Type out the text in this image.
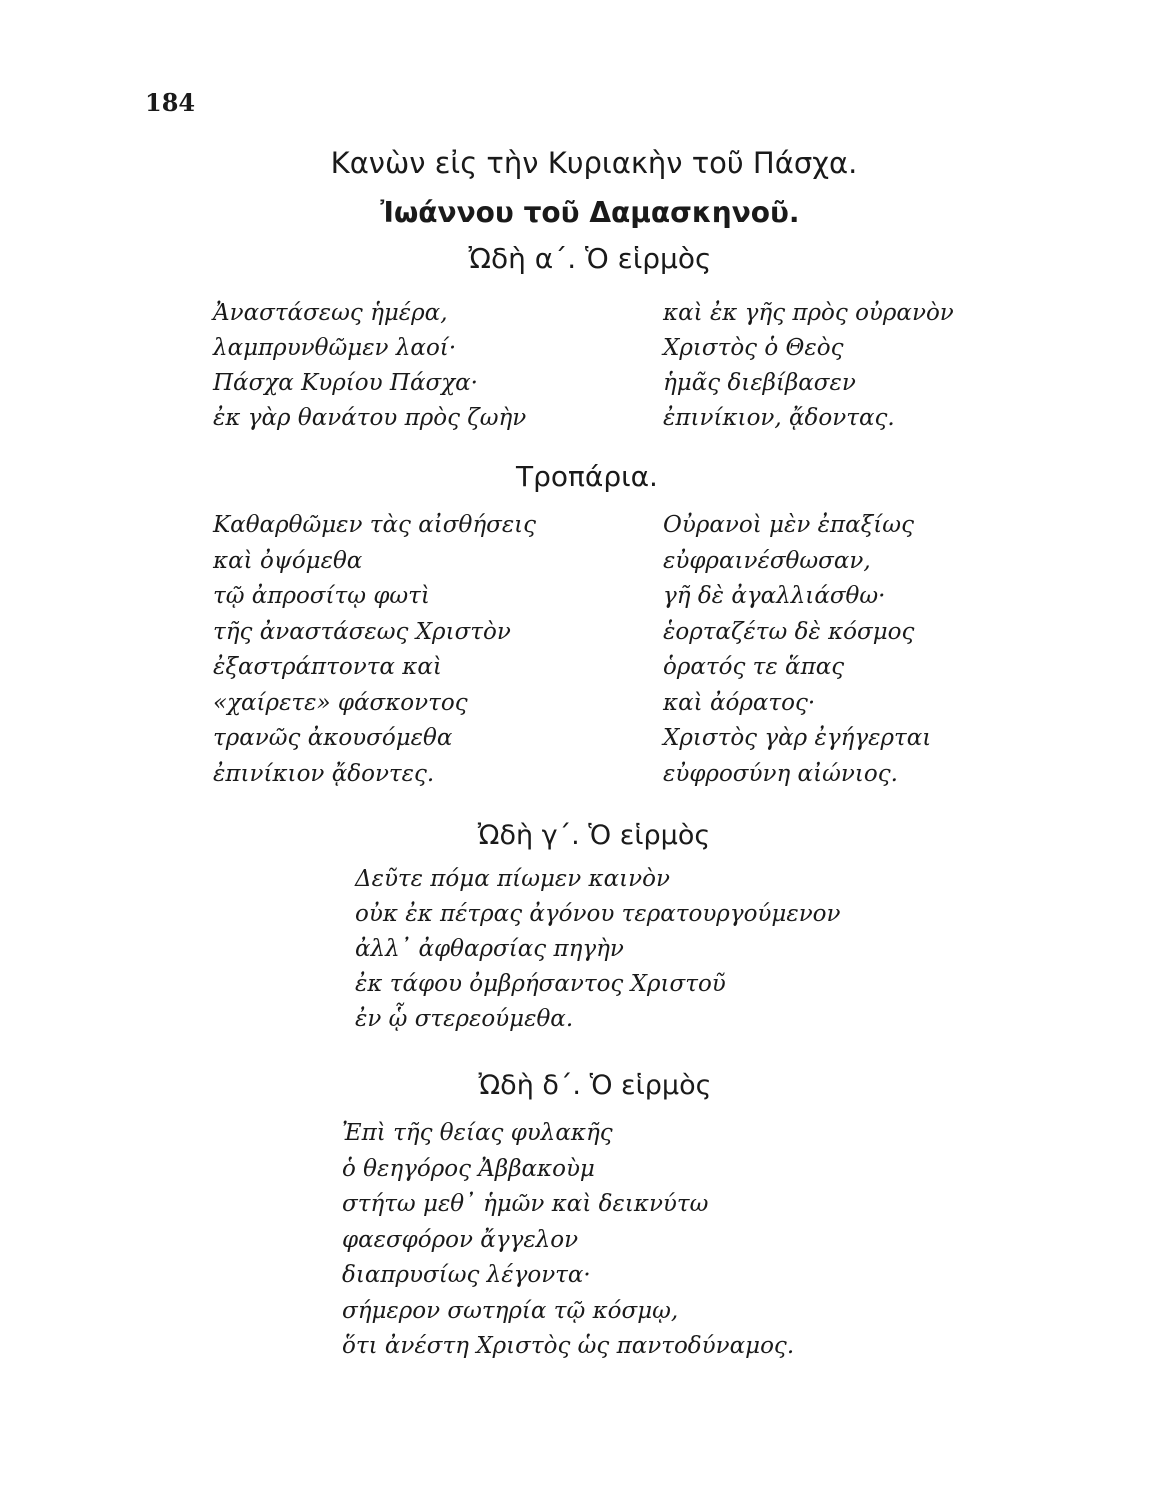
184
Κανὼν εἰς τὴν Κυριακὴν τοῦ Πάσχα.
Ἰωάννου τοῦ Δαμασκηνοῦ.
Ὠδὴ α΄. Ὁ εἱρμὸς
Ἀναστάσεως ἡμέρα,
λαμπρυνθῶμεν λαοί·
Πάσχα Κυρίου Πάσχα·
ἐκ γὰρ θανάτου πρὸς ζωὴν
καὶ ἐκ γῆς πρὸς οὐρανὸν
Χριστὸς ὁ Θεὸς
ἡμᾶς διεβίβασεν
ἐπινίκιον, ᾄδοντας.
Τροπάρια.
Καθαρθῶμεν τὰς αἰσθήσεις
καὶ ὀψόμεθα
τῷ ἀπροσίτῳ φωτὶ
τῆς ἀναστάσεως Χριστὸν
ἐξαστράπτοντα καὶ
«χαίρετε» φάσκοντος
τρανῶς ἀκουσόμεθα
ἐπινίκιον ᾄδοντες.
Οὐρανοὶ μὲν ἐπαξίως
εὐφραινέσθωσαν,
γῆ δὲ ἀγαλλιάσθω·
ἑορταζέτω δὲ κόσμος
ὁρατός τε ἅπας
καὶ ἀόρατος·
Χριστὸς γὰρ ἐγήγερται
εὐφροσύνη αἰώνιος.
Ὠδὴ γ΄. Ὁ εἱρμὸς
Δεῦτε πόμα πίωμεν καινὸν
οὐκ ἐκ πέτρας ἀγόνου τερατουργούμενον
ἀλλ᾿ ἀφθαρσίας πηγὴν
ἐκ τάφου ὀμβρήσαντος Χριστοῦ
ἐν ᾧ στερεούμεθα.
Ὠδὴ δ΄. Ὁ εἱρμὸς
Ἐπὶ τῆς θείας φυλακῆς
ὁ θεηγόρος Ἀββακοὺμ
στήτω μεθ᾿ ἡμῶν καὶ δεικνύτω
φαεσφόρον ἄγγελον
διαπρυσίως λέγοντα·
σήμερον σωτηρία τῷ κόσμῳ,
ὅτι ἀνέστη Χριστὸς ὡς παντοδύναμος.
